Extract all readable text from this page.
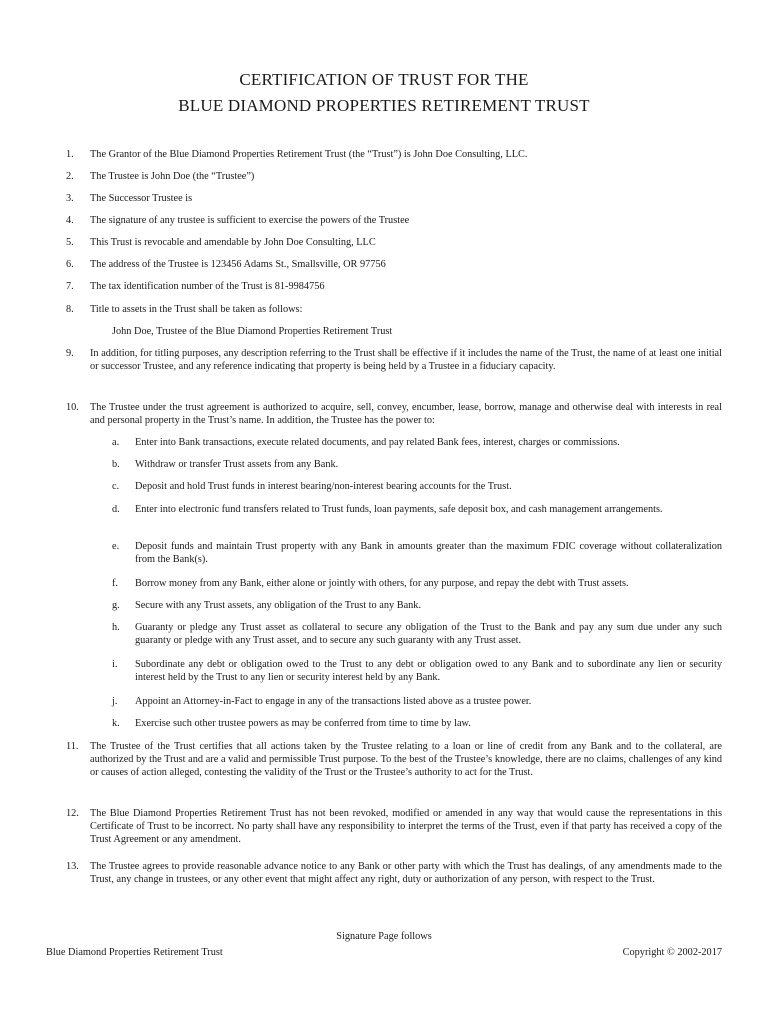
CERTIFICATION OF TRUST FOR THE
BLUE DIAMOND PROPERTIES RETIREMENT TRUST
1.	The Grantor of the Blue Diamond Properties Retirement Trust (the “Trust”) is John Doe Consulting, LLC.
2.	The Trustee is John Doe (the “Trustee”)
3.	The Successor Trustee is
4.	The signature of any trustee is sufficient to exercise the powers of the Trustee
5.	This Trust is revocable and amendable by John Doe Consulting, LLC
6.	The address of the Trustee is 123456 Adams St., Smallsville, OR 97756
7.	The tax identification number of the Trust is 81-9984756
8.	Title to assets in the Trust shall be taken as follows:
John Doe, Trustee of the Blue Diamond Properties Retirement Trust
9.	In addition, for titling purposes, any description referring to the Trust shall be effective if it includes the name of the Trust, the name of at least one initial or successor Trustee, and any reference indicating that property is being held by a Trustee in a fiduciary capacity.
10.	The Trustee under the trust agreement is authorized to acquire, sell, convey, encumber, lease, borrow, manage and otherwise deal with interests in real and personal property in the Trust’s name. In addition, the Trustee has the power to:
a.	Enter into Bank transactions, execute related documents, and pay related Bank fees, interest, charges or commissions.
b.	Withdraw or transfer Trust assets from any Bank.
c.	Deposit and hold Trust funds in interest bearing/non-interest bearing accounts for the Trust.
d.	Enter into electronic fund transfers related to Trust funds, loan payments, safe deposit box, and cash management arrangements.
e.	Deposit funds and maintain Trust property with any Bank in amounts greater than the maximum FDIC coverage without collateralization from the Bank(s).
f.	Borrow money from any Bank, either alone or jointly with others, for any purpose, and repay the debt with Trust assets.
g.	Secure with any Trust assets, any obligation of the Trust to any Bank.
h.	Guaranty or pledge any Trust asset as collateral to secure any obligation of the Trust to the Bank and pay any sum due under any such guaranty or pledge with any Trust asset, and to secure any such guaranty with any Trust asset.
i.	Subordinate any debt or obligation owed to the Trust to any debt or obligation owed to any Bank and to subordinate any lien or security interest held by the Trust to any lien or security interest held by any Bank.
j.	Appoint an Attorney-in-Fact to engage in any of the transactions listed above as a trustee power.
k.	Exercise such other trustee powers as may be conferred from time to time by law.
11.	The Trustee of the Trust certifies that all actions taken by the Trustee relating to a loan or line of credit from any Bank and to the collateral, are authorized by the Trust and are a valid and permissible Trust purpose. To the best of the Trustee’s knowledge, there are no claims, challenges of any kind or causes of action alleged, contesting the validity of the Trust or the Trustee’s authority to act for the Trust.
12.	The Blue Diamond Properties Retirement Trust has not been revoked, modified or amended in any way that would cause the representations in this Certificate of Trust to be incorrect. No party shall have any responsibility to interpret the terms of the Trust, even if that party has received a copy of the Trust Agreement or any amendment.
13.	The Trustee agrees to provide reasonable advance notice to any Bank or other party with which the Trust has dealings, of any amendments made to the Trust, any change in trustees, or any other event that might affect any right, duty or authorization of any person, with respect to the Trust.
Signature Page follows
Blue Diamond Properties Retirement Trust	Copyright © 2002-2017
